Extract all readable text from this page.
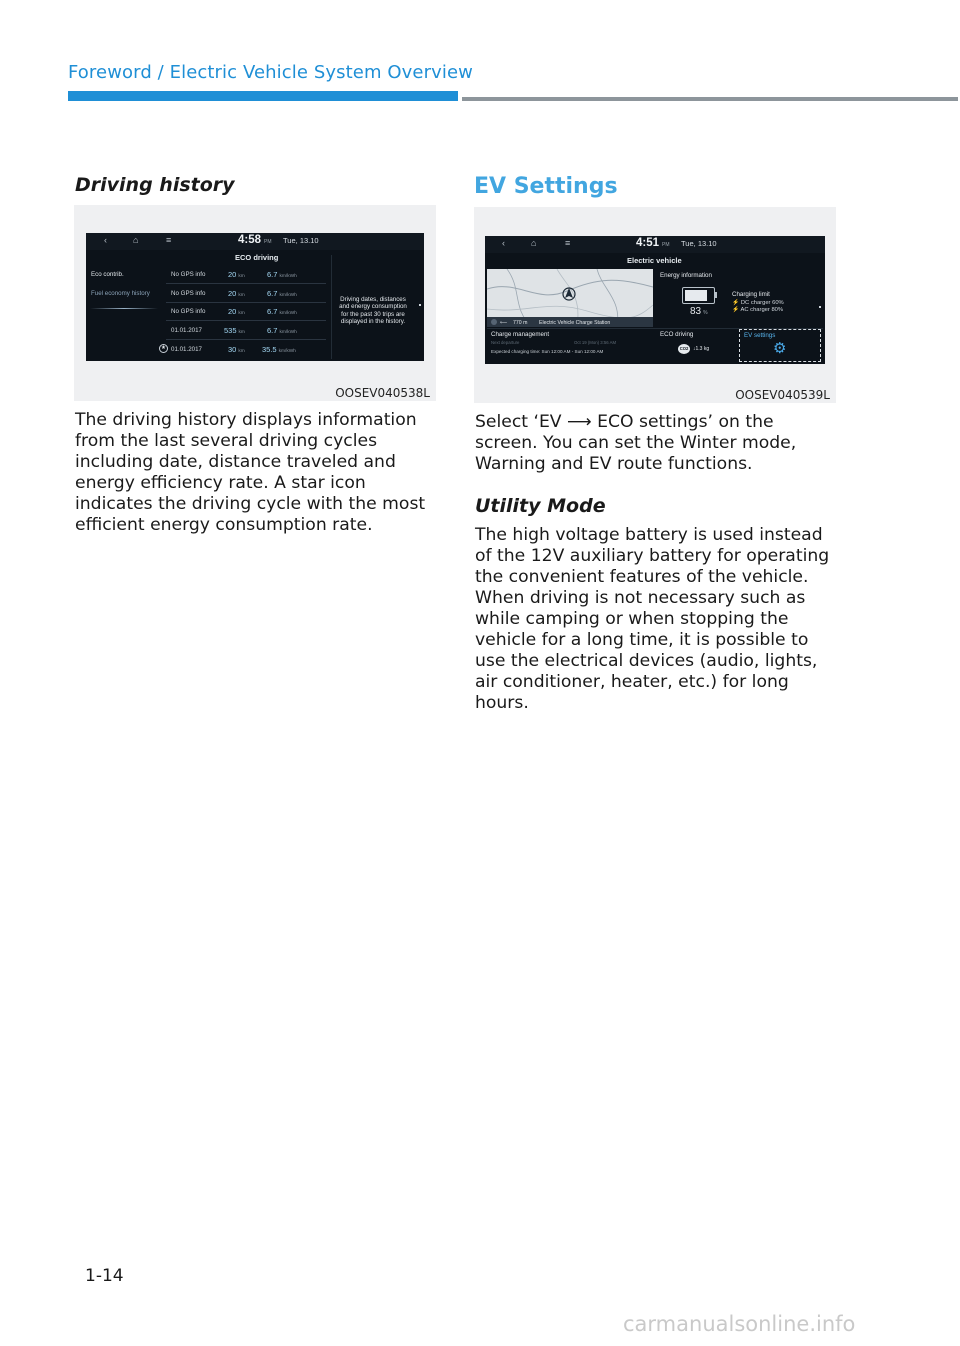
Foreword / Electric Vehicle System Overview
Driving history
‹	⌂	≡	4:58 PM Tue, 13.10
ECO driving
Eco contrib.
Fuel economy history
No GPS info	20 km	6.7 km/kWh
No GPS info	20 km	6.7 km/kWh
No GPS info	20 km	6.7 km/kWh
01.01.2017	535 km	6.7 km/kWh
★ 01.01.2017	30 km 35.5 km/kWh
Driving dates, distances
and energy consumption
for the past 30 trips are
displayed in the history.
OOSEV040538L

The driving history displays information

from the last several driving cycles

including date, distance traveled and

energy efficiency rate. A star icon

indicates the driving cycle with the most

efficient energy consumption rate.

EV Settings
‹	⌂	≡	4:51 PM Tue, 13.10
Electric vehicle
⟵ 770 m Electric Vehicle Charge Station
Energy information
83 %
Charging limit
⚡ DC charger 60%
⚡ AC charger 80%
Charge management
Next departure	Oct 19 (Mon) 3:56 AM
Expected charging time: Sun 12:00 AM - Sun 12:00 AM
ECO driving
CO2 ↓1.3 kg
EV settings
⚙
OOSEV040539L

Select ‘EV ⟶ ECO settings’ on the

screen. You can set the Winter mode,

Warning and EV route functions.

Utility Mode

The high voltage battery is used instead

of the 12V auxiliary battery for operating

the convenient features of the vehicle.

When driving is not necessary such as

while camping or when stopping the

vehicle for a long time, it is possible to

use the electrical devices (audio, lights,

air conditioner, heater, etc.) for long

hours.

1-14
carmanualsonline.info
